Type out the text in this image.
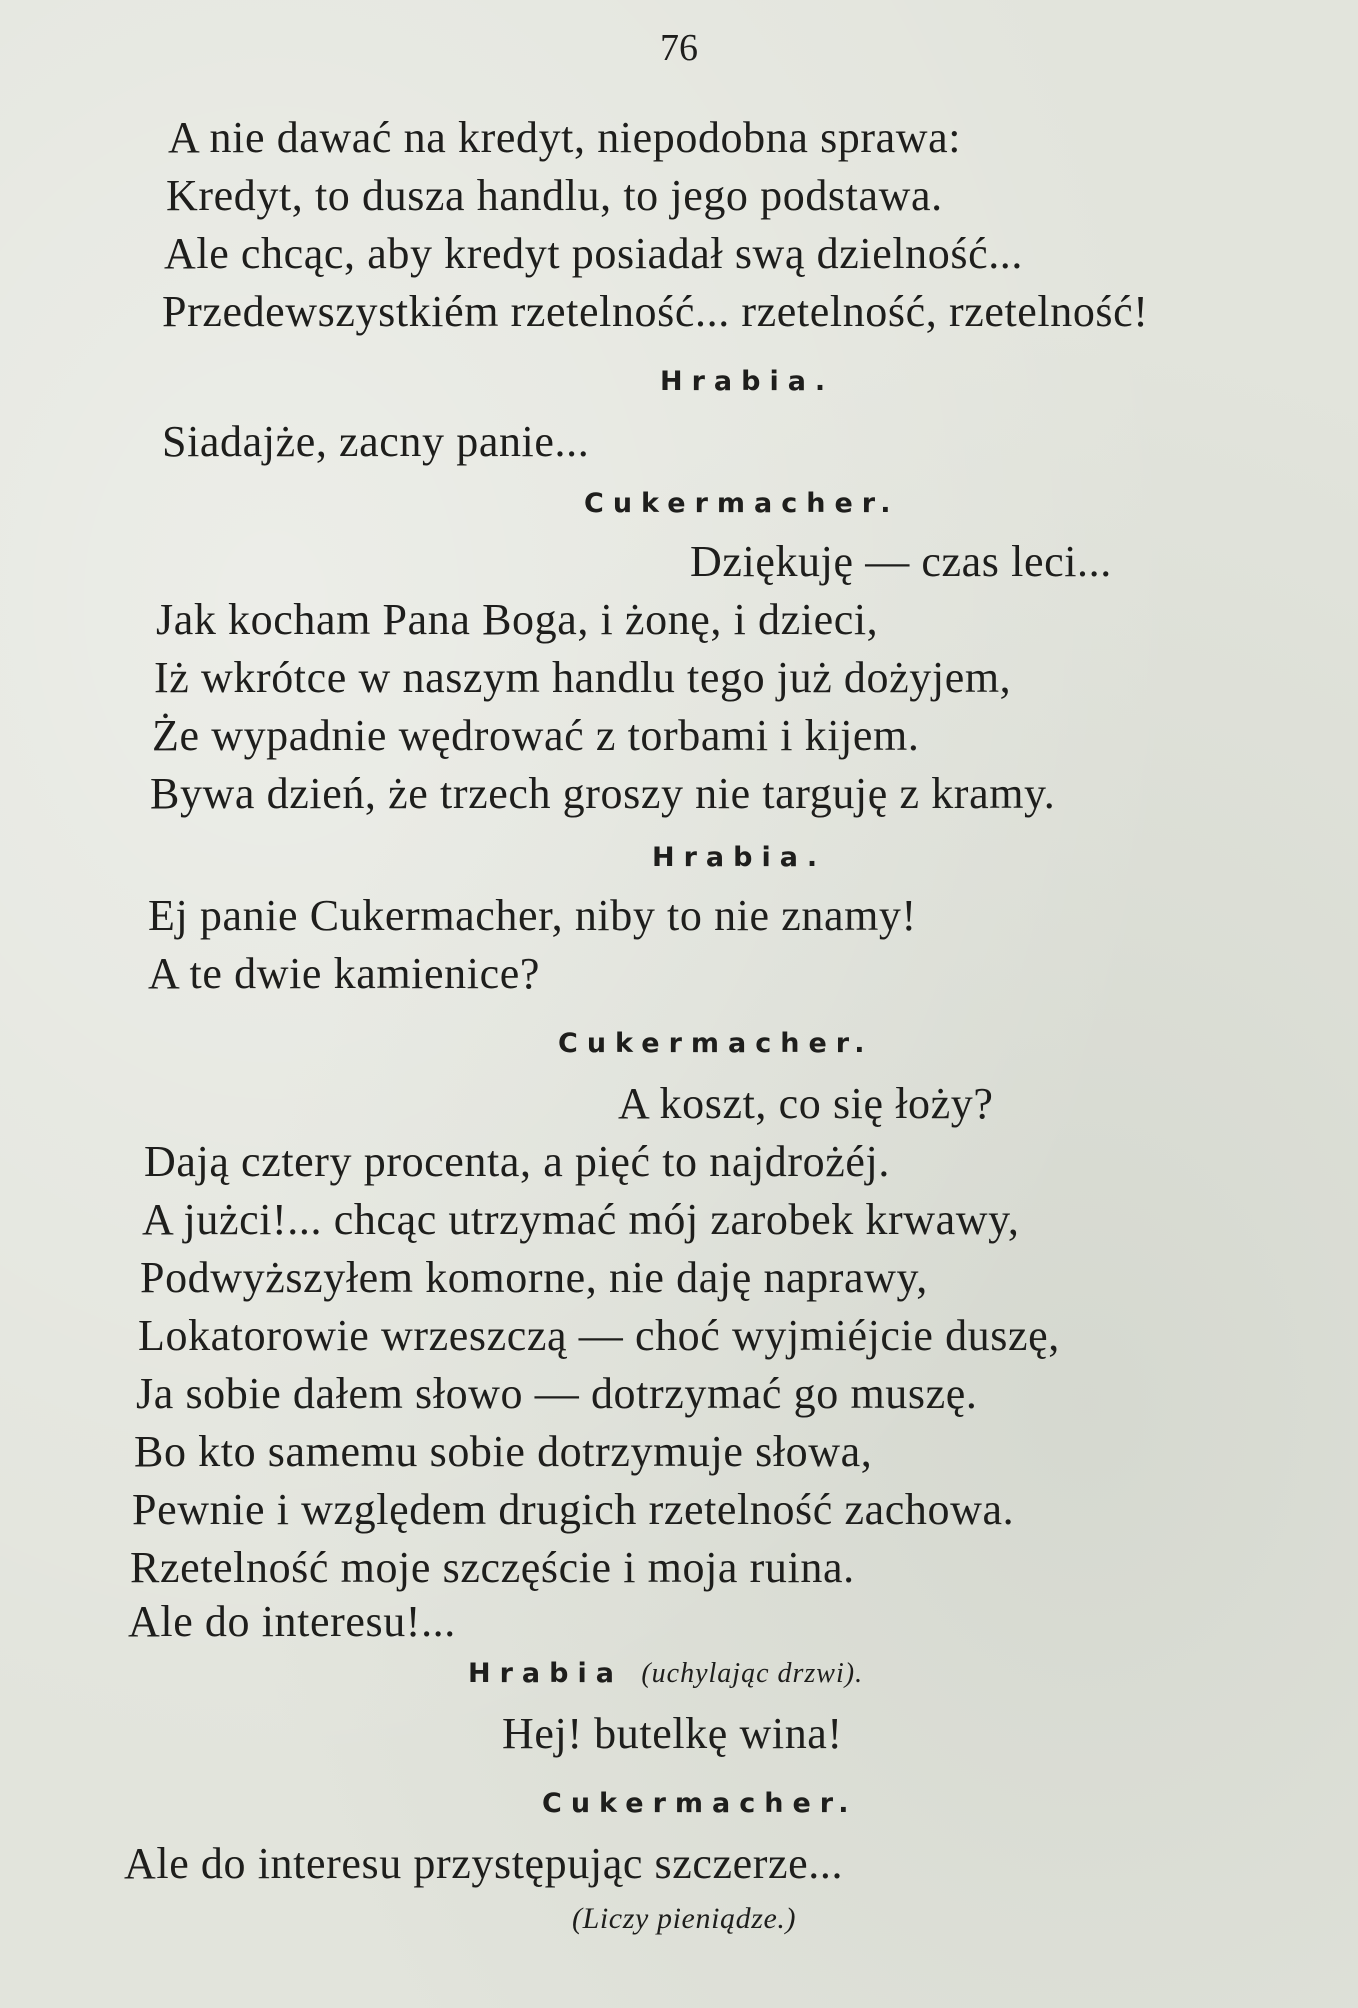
76
A nie dawać na kredyt, niepodobna sprawa:
Kredyt, to dusza handlu, to jego podstawa.
Ale chcąc, aby kredyt posiadał swą dzielność...
Przedewszystkiém rzetelność... rzetelność, rzetelność!
Hrabia.
Siadajże, zacny panie...
Cukermacher.
Dziękuję — czas leci...
Jak kocham Pana Boga, i żonę, i dzieci,
Iż wkrótce w naszym handlu tego już dożyjem,
Że wypadnie wędrować z torbami i kijem.
Bywa dzień, że trzech groszy nie targuję z kramy.
Hrabia.
Ej panie Cukermacher, niby to nie znamy!
A te dwie kamienice?
Cukermacher.
A koszt, co się łoży?
Dają cztery procenta, a pięć to najdrożéj.
A jużci!... chcąc utrzymać mój zarobek krwawy,
Podwyższyłem komorne, nie daję naprawy,
Lokatorowie wrzeszczą — choć wyjmiéjcie duszę,
Ja sobie dałem słowo — dotrzymać go muszę.
Bo kto samemu sobie dotrzymuje słowa,
Pewnie i względem drugich rzetelność zachowa.
Rzetelność moje szczęście i moja ruina.
Ale do interesu!...
Hrabia (uchylając drzwi).
Hej! butelkę wina!
Cukermacher.
Ale do interesu przystępując szczerze...
(Liczy pieniądze.)
